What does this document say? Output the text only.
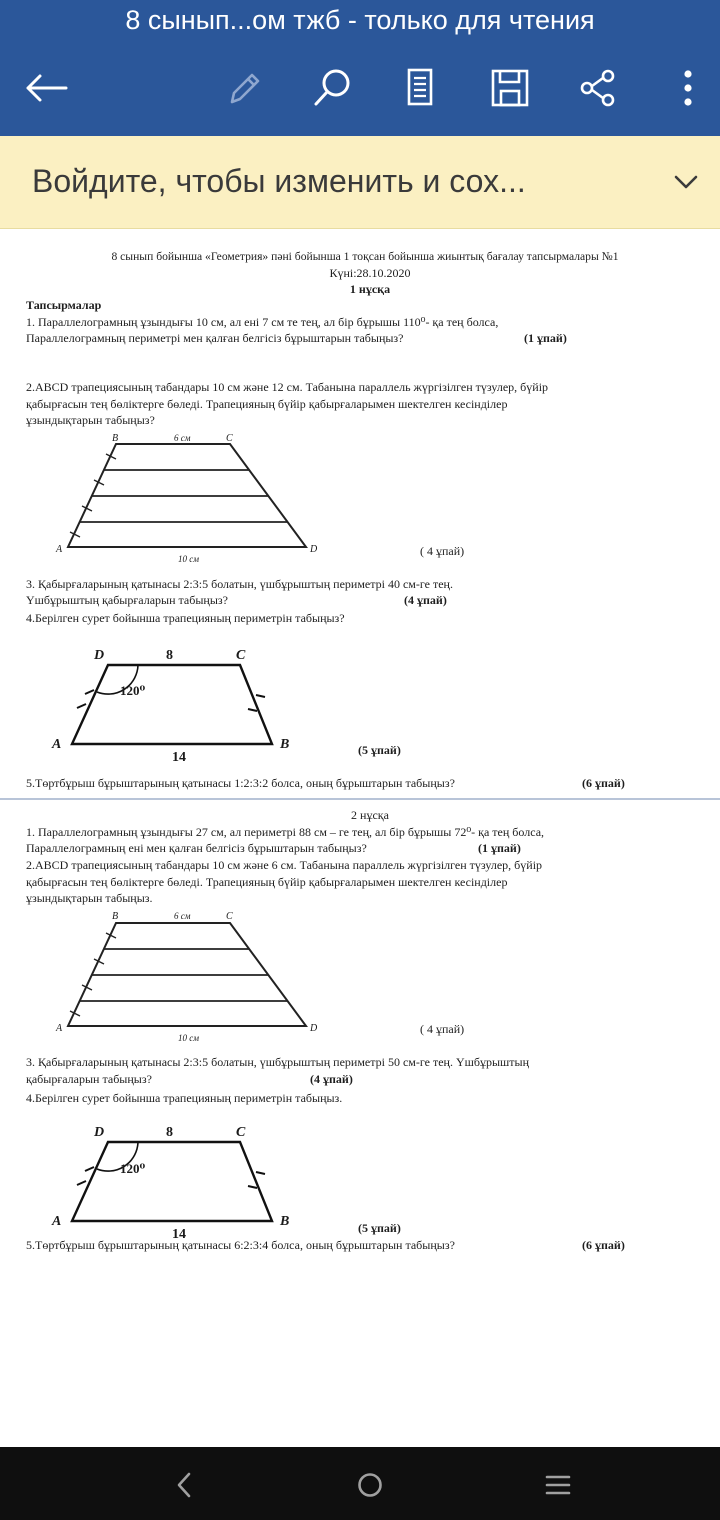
8 сынып...ом тжб - только для чтения
Войдите, чтобы изменить и сох...
8 сынып бойынша «Геометрия» пәні бойынша 1 тоқсан бойынша жиынтық бағалау тапсырмалары №1
Күні:28.10.2020
1 нұсқа
Тапсырмалар
1. Параллелограмның ұзындығы 10 см, ал ені 7 см те тең, ал бір бұрышы 110⁰- қа тең болса,
Параллелограмның периметрі мен қалған белгісіз бұрыштарын табыңыз?	(1 ұпай)
2.ABCD трапециясының табандары 10 см және 12 см. Табанына параллель жүргізілген түзулер, бүйір
қабырғасын тең бөліктерге бөледі. Трапецияның бүйір қабырғаларымен шектелген кесінділер
ұзындықтарын табыңыз?
B	C
6 см
A	D
10 см
( 4 ұпай)
3. Қабырғаларының қатынасы 2:3:5 болатын, үшбұрыштың периметрі 40 см-ге тең.
Үшбұрыштың қабырғаларын табыңыз?	(4 ұпай)
4.Берілген сурет бойынша трапецияның периметрін табыңыз?
D	8	C
120⁰
A	B
14	(5 ұпай)
5.Төртбұрыш бұрыштарының қатынасы 1:2:3:2 болса, оның бұрыштарын табыңыз?	(6 ұпай)
2 нұсқа
1. Параллелограмның ұзындығы 27 см, ал периметрі 88 см – ге тең, ал бір бұрышы 72⁰- қа тең болса,
Параллелограмның ені мен қалған белгісіз бұрыштарын табыңыз?	(1 ұпай)
2.ABCD трапециясының табандары 10 см және 6 см. Табанына параллель жүргізілген түзулер, бүйір
қабырғасын тең бөліктерге бөледі. Трапецияның бүйір қабырғаларымен шектелген кесінділер
ұзындықтарын табыңыз.
B	C
6 см
A	D
10 см
( 4 ұпай)
3. Қабырғаларының қатынасы 2:3:5 болатын, үшбұрыштың периметрі 50 см-ге тең. Үшбұрыштың
қабырғаларын табыңыз?	(4 ұпай)
4.Берілген сурет бойынша трапецияның периметрін табыңыз.
D	8	C
120⁰
A	B
14	(5 ұпай)
5.Төртбұрыш бұрыштарының қатынасы 6:2:3:4 болса, оның бұрыштарын табыңыз?	(6 ұпай)
